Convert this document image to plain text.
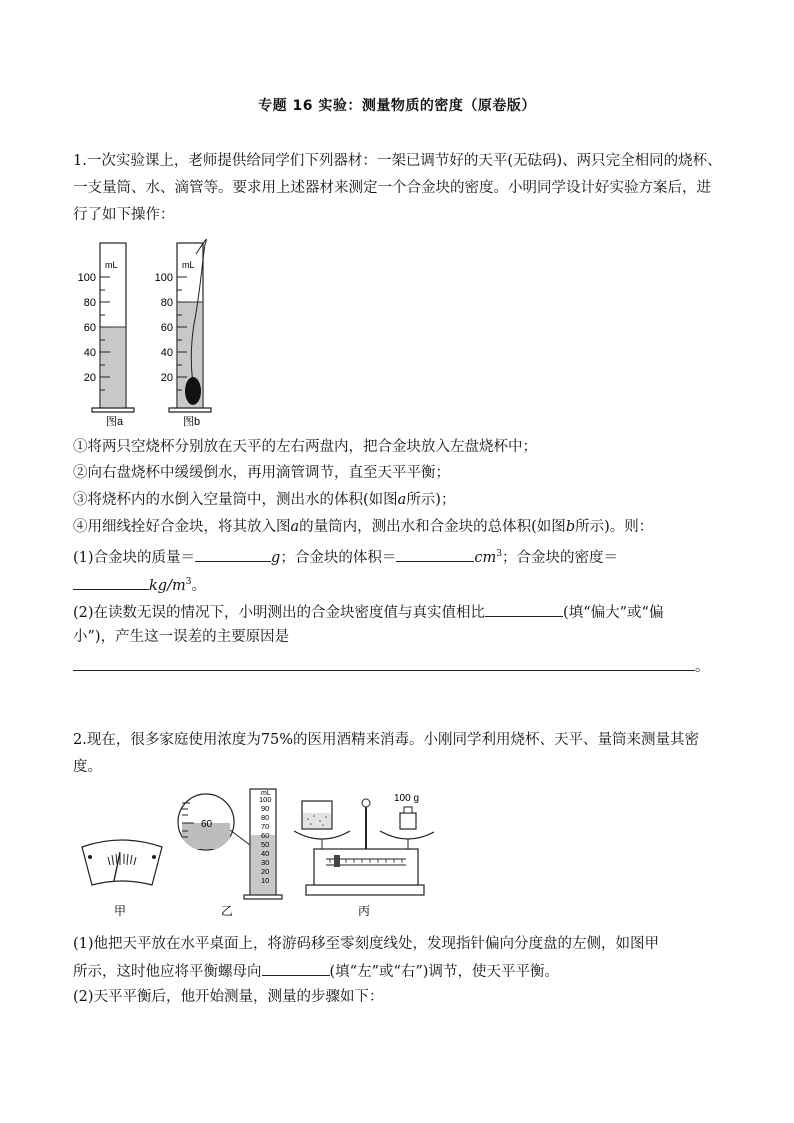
专题 16 实验：测量物质的密度（原卷版）
1.一次实验课上，老师提供给同学们下列器材：一架已调节好的天平(无砝码)、两只完全相同的烧杯、一支量筒、水、滴管等。要求用上述器材来测定一个合金块的密度。小明同学设计好实验方案后，进行了如下操作：
mL
100
80
60
40
20
图a
mL
100
80
60
40
20
图b
①将两只空烧杯分别放在天平的左右两盘内，把合金块放入左盘烧杯中；
②向右盘烧杯中缓缓倒水，再用滴管调节，直至天平平衡；
③将烧杯内的水倒入空量筒中，测出水的体积(如图a所示)；
④用细线拴好合金块，将其放入图a的量筒内，测出水和合金块的总体积(如图b所示)。则：
(1)合金块的质量＝	g；合金块的体积＝	$cm^3$；合金块的密度＝
$kg/m^3$。
(2)在读数无误的情况下，小明测出的合金块密度值与真实值相比	(填“偏大”或“偏
小”)，产生这一误差的主要原因是
。
2.现在，很多家庭使用浓度为75%的医用酒精来消毒。小刚同学利用烧杯、天平、量筒来测量其密度。
甲
60
mL
100
90
80
70
60
50
40
30
20
10
乙
100 g
丙
(1)他把天平放在水平桌面上，将游码移至零刻度线处，发现指针偏向分度盘的左侧，如图甲
所示，这时他应将平衡螺母向	(填“左”或“右”)调节，使天平平衡。
(2)天平平衡后，他开始测量，测量的步骤如下：
